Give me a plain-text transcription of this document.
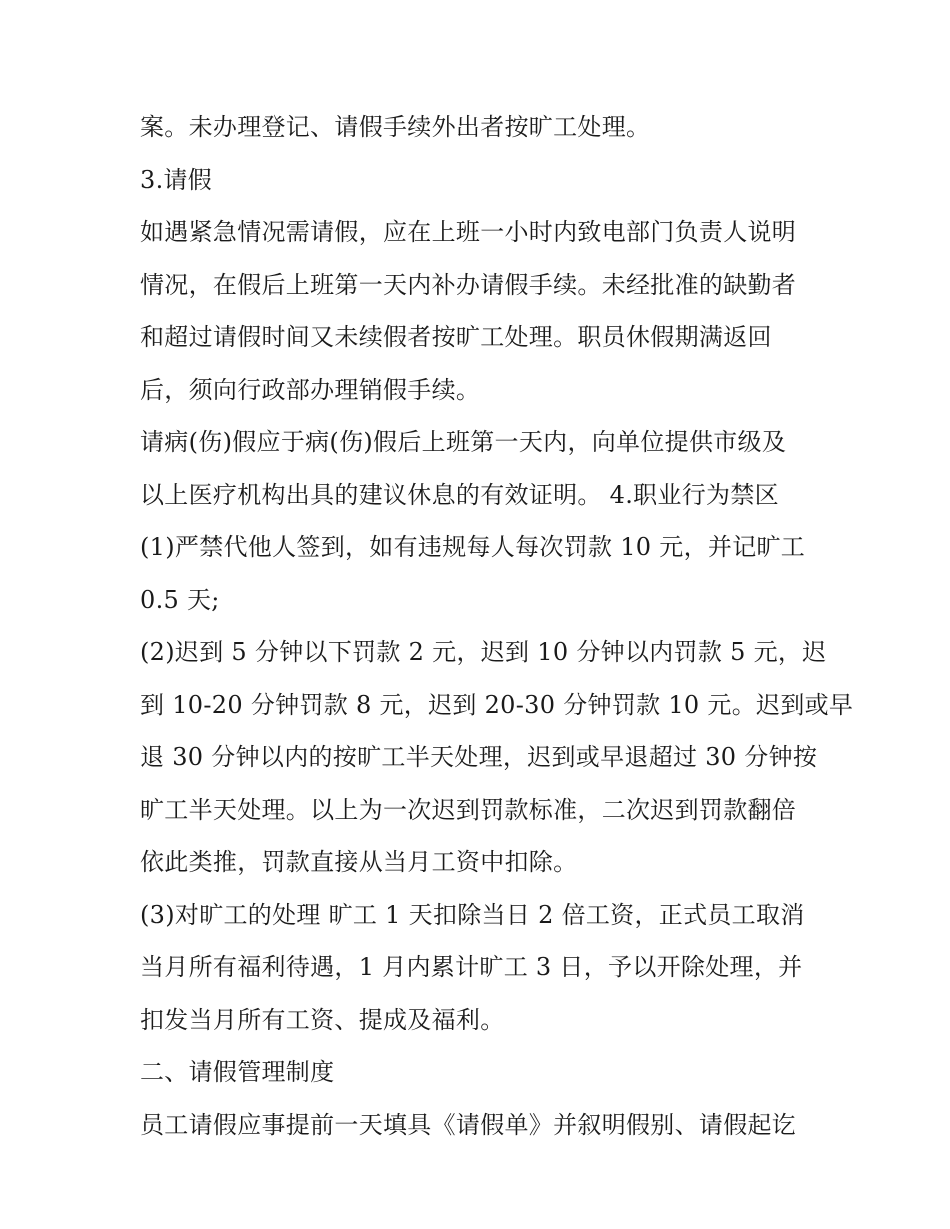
案。未办理登记、请假手续外出者按旷工处理。
3.请假
如遇紧急情况需请假，应在上班一小时内致电部门负责人说明
情况，在假后上班第一天内补办请假手续。未经批准的缺勤者
和超过请假时间又未续假者按旷工处理。职员休假期满返回
后，须向行政部办理销假手续。
请病(伤)假应于病(伤)假后上班第一天内，向单位提供市级及
以上医疗机构出具的建议休息的有效证明。 4.职业行为禁区
(1)严禁代他人签到，如有违规每人每次罚款 10 元，并记旷工
0.5 天;
(2)迟到 5 分钟以下罚款 2 元，迟到 10 分钟以内罚款 5 元，迟
到 10-20 分钟罚款 8 元，迟到 20-30 分钟罚款 10 元。迟到或早
退 30 分钟以内的按旷工半天处理，迟到或早退超过 30 分钟按
旷工半天处理。以上为一次迟到罚款标准，二次迟到罚款翻倍
依此类推，罚款直接从当月工资中扣除。
(3)对旷工的处理 旷工 1 天扣除当日 2 倍工资，正式员工取消
当月所有福利待遇，1 月内累计旷工 3 日，予以开除处理，并
扣发当月所有工资、提成及福利。
二、请假管理制度
员工请假应事提前一天填具《请假单》并叙明假别、请假起讫
